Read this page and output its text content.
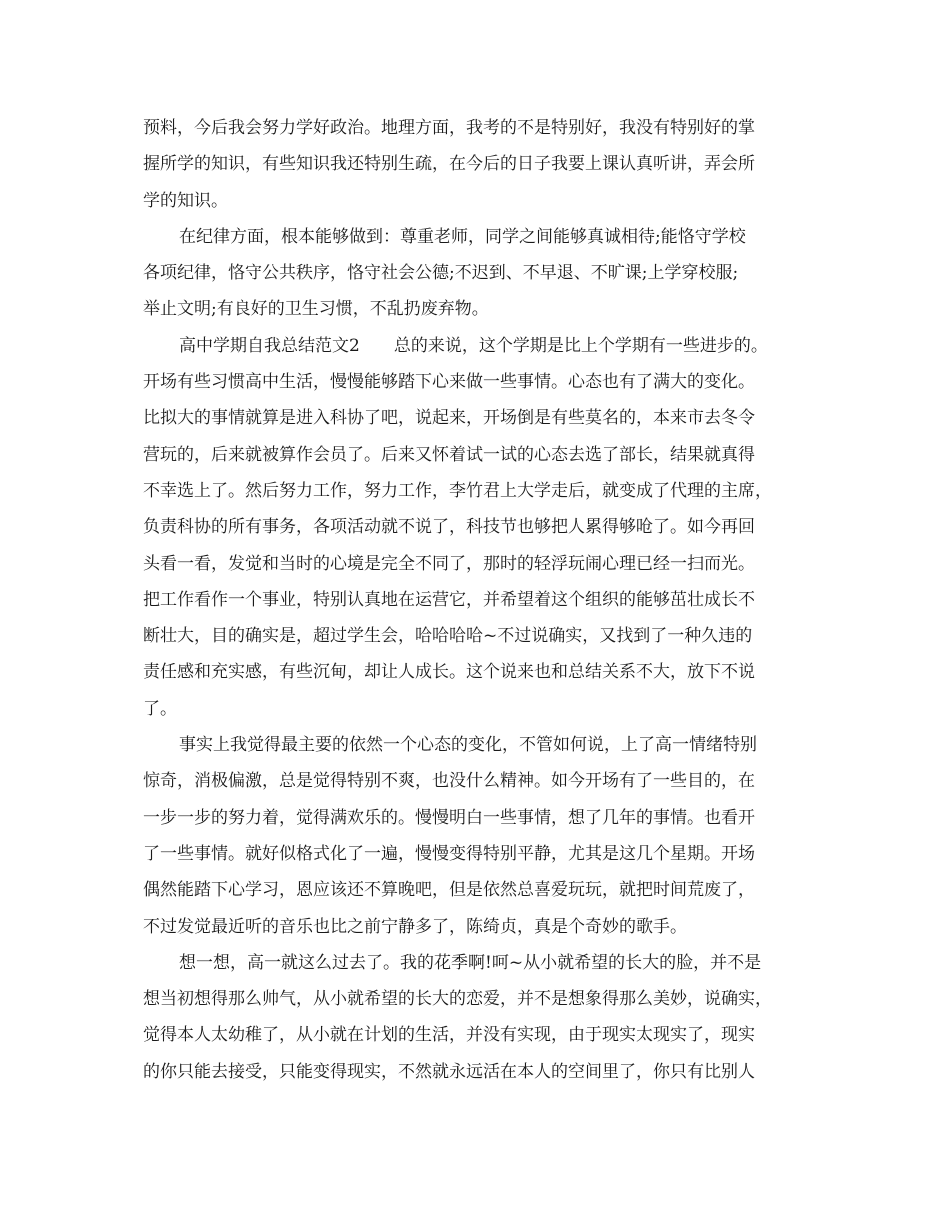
预料，今后我会努力学好政治。地理方面，我考的不是特别好，我没有特别好的掌
握所学的知识，有些知识我还特别生疏，在今后的日子我要上课认真听讲，弄会所
学的知识。
在纪律方面，根本能够做到：尊重老师，同学之间能够真诚相待;能恪守学校
各项纪律，恪守公共秩序，恪守社会公德;不迟到、不早退、不旷课;上学穿校服;
举止文明;有良好的卫生习惯，不乱扔废弃物。
高中学期自我总结范文2　　总的来说，这个学期是比上个学期有一些进步的。
开场有些习惯高中生活，慢慢能够踏下心来做一些事情。心态也有了满大的变化。
比拟大的事情就算是进入科协了吧，说起来，开场倒是有些莫名的，本来市去冬令
营玩的，后来就被算作会员了。后来又怀着试一试的心态去选了部长，结果就真得
不幸选上了。然后努力工作，努力工作，李竹君上大学走后，就变成了代理的主席，
负责科协的所有事务，各项活动就不说了，科技节也够把人累得够呛了。如今再回
头看一看，发觉和当时的心境是完全不同了，那时的轻浮玩闹心理已经一扫而光。
把工作看作一个事业，特别认真地在运营它，并希望着这个组织的能够茁壮成长不
断壮大，目的确实是，超过学生会，哈哈哈哈~不过说确实，又找到了一种久违的
责任感和充实感，有些沉甸，却让人成长。这个说来也和总结关系不大，放下不说
了。
事实上我觉得最主要的依然一个心态的变化，不管如何说，上了高一情绪特别
惊奇，消极偏激，总是觉得特别不爽，也没什么精神。如今开场有了一些目的，在
一步一步的努力着，觉得满欢乐的。慢慢明白一些事情，想了几年的事情。也看开
了一些事情。就好似格式化了一遍，慢慢变得特别平静，尤其是这几个星期。开场
偶然能踏下心学习，恩应该还不算晚吧，但是依然总喜爱玩玩，就把时间荒废了，
不过发觉最近听的音乐也比之前宁静多了，陈绮贞，真是个奇妙的歌手。
想一想，高一就这么过去了。我的花季啊!呵~从小就希望的长大的脸，并不是
想当初想得那么帅气，从小就希望的长大的恋爱，并不是想象得那么美妙，说确实，
觉得本人太幼稚了，从小就在计划的生活，并没有实现，由于现实太现实了，现实
的你只能去接受，只能变得现实，不然就永远活在本人的空间里了，你只有比别人
